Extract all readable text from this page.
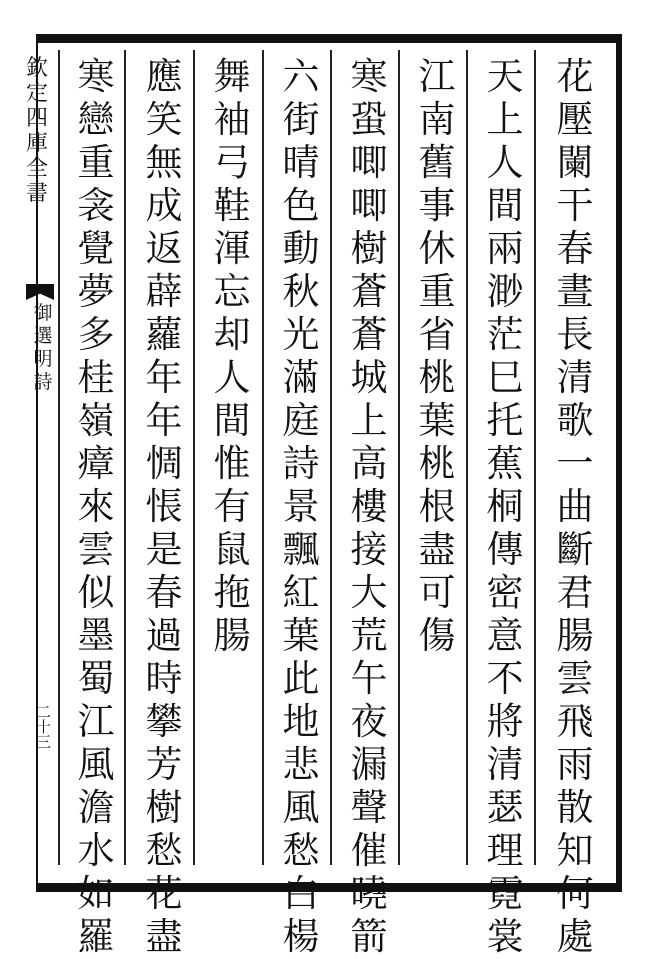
欽
定
四
庫
全
書
御
選
明
詩
二十三
花
壓
闌
干
春
晝
長
清
歌
一
曲
斷
君
腸
雲
飛
雨
散
知
何
處
天
上
人
間
兩
渺
茫
巳
托
蕉
桐
傳
密
意
不
將
清
瑟
理
霓
裳
江
南
舊
事
休
重
省
桃
葉
桃
根
盡
可
傷
寒
蛩
唧
唧
樹
蒼
蒼
城
上
高
樓
接
大
荒
午
夜
漏
聲
催
曉
箭
六
街
晴
色
動
秋
光
滿
庭
詩
景
飄
紅
葉
此
地
悲
風
愁
白
楊
舞
袖
弓
鞋
渾
忘
却
人
間
惟
有
鼠
拖
腸
應
笑
無
成
返
薜
蘿
年
年
惆
悵
是
春
過
時
攀
芳
樹
愁
花
盡
寒
戀
重
衾
覺
夢
多
桂
嶺
瘴
來
雲
似
墨
蜀
江
風
澹
水
如
羅
